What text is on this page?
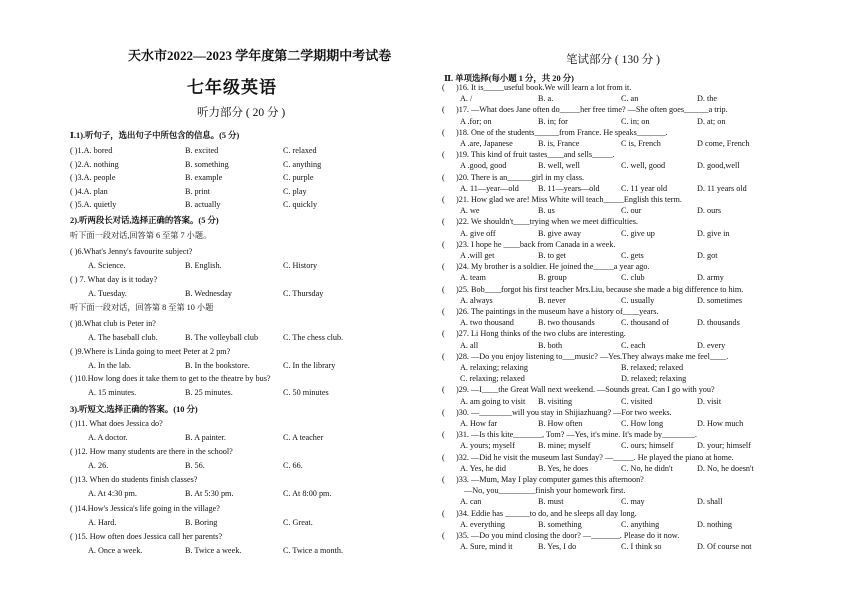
天水市2022—2023 学年度第二学期期中考试卷
七年级英语
听力部分 ( 20 分 )
Ⅰ.1).听句子，选出句子中所包含的信息。(5 分)
( )1.A. bored	B. excited	C. relaxed
( )2.A. nothing	B. something	C. anything
( )3.A. people	B. example	C. purple
( )4.A. plan	B. print	C. play
( )5.A. quietly	B. actually	C. quickly
2).听两段长对话,选择正确的答案。(5 分)
听下面一段对话,回答第 6 至第 7 小题。
( )6.What's Jenny's favourite subject?
A. Science.	B. English.	C. History
( ) 7. What day is it today?
A. Tuesday.	B. Wednesday	C. Thursday
听下面一段对话，回答第 8 至第 10 小题
( )8.What club is Peter in?
A. The baseball club.	B. The volleyball club	C. The chess club.
( )9.Where is Linda going to meet Peter at 2 pm?
A. In the lab.	B. In the bookstore.	C. In the library
( )10.How long does it take them to get to the theatre by bus?
A. 15 minutes.	B. 25 minutes.	C. 50 minutes
3).听短文,选择正确的答案。(10 分)
( )11. What does Jessica do?
A. A doctor.	B. A painter.	C. A teacher
( )12. How many students are there in the school?
A. 26.	B. 56.	C. 66.
( )13. When do students finish classes?
A. At 4:30 pm.	B. At 5:30 pm.	C. At 8:00 pm.
( )14.How's Jessica's life going in the village?
A. Hard.	B. Boring	C. Great.
( )15. How often does Jessica call her parents?
A. Once a week.	B. Twice a week.	C. Twice a month.
笔试部分 ( 130 分 )
Ⅱ. 单项选择(每小题 1 分，共 20 分)
( )16. It is_____useful book.We will learn a lot from it.
A. /	B. a.	C. an	D. the
( )17. —What does Jane often do_____her free time? —She often goes______a trip.
A .for; on	B. in; for	C. in; on	D. at; on
( )18. One of the students______from France. He speaks_______.
A .are, Japanese	B. is, France	C is, French	D come, French
( )19. This kind of fruit tastes____and sells_____.
A .good, good	B. well, well	C. well, good	D. good,well
( )20. There is an______girl in my class.
A. 11—year—old B. 11—years—old	C. 11 year old	D. 11 years old
( )21. How glad we are! Miss White will teach_____English this term.
A. we	B. us	C. our	D. ours
( )22. We shouldn't____trying when we meet difficulties.
A. give off	B. give away	C. give up	D. give in
( )23. I hope he ____back from Canada in a week.
A .will get	B. to get	C. gets	D. got
( )24. My brother is a soldier. He joined the_____a year ago.
A. team	B. group	C. club	D. army
( )25. Bob____forgot his first teacher Mrs.Liu, because she made a big difference to him.
A. always	B. never	C. usually	D. sometimes
( )26. The paintings in the museum have a history of____years.
A. two thousand	B. two thousands	C. thousand of	D. thousands
( )27. Li Hong thinks of the two clubs are interesting.
A. all	B. both	C. each	D. every
( )28. —Do you enjoy listening to___music? —Yes.They always make me feel____.
A. relaxing; relaxing	B. relaxed; relaxed
C. relaxing; relaxed	D. relaxed; relaxing
( )29. —I____the Great Wall next weekend. —Sounds great. Can I go with you?
A. am going to visit B. visiting	C. visited	D. visit
( )30. —________will you stay in Shijiazhuang? —For two weeks.
A. How far	B. How often	C. How long	D. How much
( )31. —Is this kite_______, Tom? —Yes, it's mine. It's made by________.
A. yours; myself	B. mine; myself	C. ours; himself	D. your; himself
( )32. —Did he visit the museum last Sunday? —_____. He played the piano at home.
A. Yes, he did	B. Yes, he does	C. No, he didn't	D. No, he doesn't
( )33. —Mum, May I play computer games this afternoon?
—No, you_________finish your homework first.
A. can	B. must	C. may	D. shall
( )34. Eddie has ______to do, and he sleeps all day long.
A. everything	B. something	C. anything	D. nothing
( )35. —Do you mind closing the door? —_______. Please do it now.
A. Sure, mind it	B. Yes, I do	C. I think so	D. Of course not
